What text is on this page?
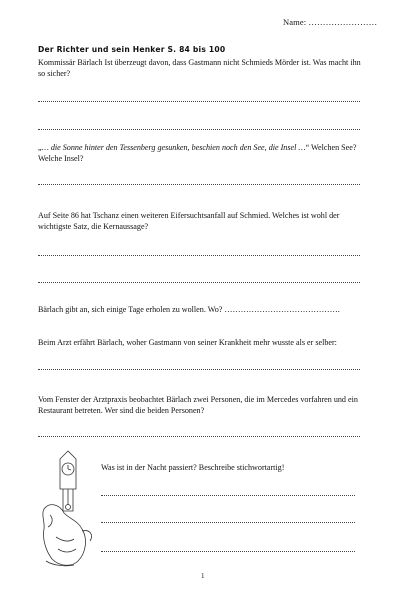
Name: ……………………
Der Richter und sein Henker S. 84 bis 100
Kommissär Bärlach Ist überzeugt davon, dass Gastmann nicht Schmieds Mörder ist. Was macht ihn so sicher?
„… die Sonne hinter den Tessenberg gesunken, beschien noch den See, die Insel …“ Welchen See? Welche Insel?
Auf Seite 86 hat Tschanz einen weiteren Eifersuchtsanfall auf Schmied. Welches ist wohl der wichtigste Satz, die Kernaussage?
Bärlach gibt an, sich einige Tage erholen zu wollen. Wo? …………………………………….
Beim Arzt erfährt Bärlach, woher Gastmann von seiner Krankheit mehr wusste als er selber:
Vom Fenster der Arztpraxis beobachtet Bärlach zwei Personen, die im Mercedes vorfahren und ein Restaurant betreten. Wer sind die beiden Personen?
Was ist in der Nacht passiert? Beschreibe stichwortartig!
1
